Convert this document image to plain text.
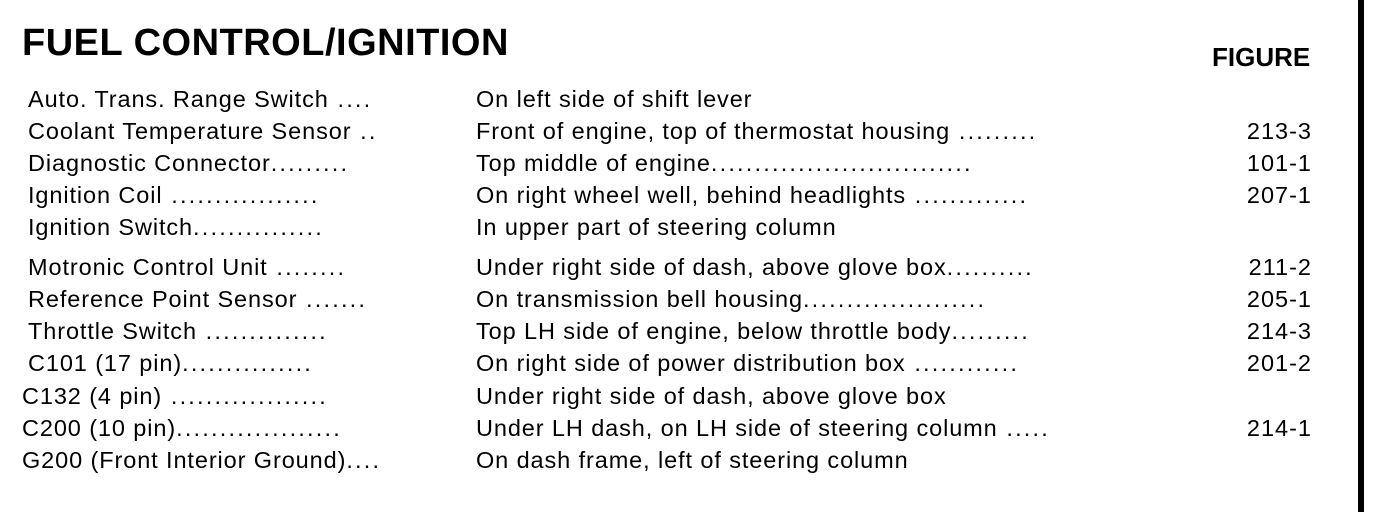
FUEL CONTROL/IGNITION	FIGURE
Auto. Trans. Range Switch ....	On left side of shift lever
Coolant Temperature Sensor ..	Front of engine, top of thermostat housing .........	213-3
Diagnostic Connector.........	Top middle of engine..............................	101-1
Ignition Coil .................	On right wheel well, behind headlights .............	207-1
Ignition Switch...............	In upper part of steering column
Motronic Control Unit ........	Under right side of dash, above glove box..........	211-2
Reference Point Sensor .......	On transmission bell housing.....................	205-1
Throttle Switch ..............	Top LH side of engine, below throttle body.........	214-3
C101 (17 pin)...............	On right side of power distribution box ............	201-2
C132 (4 pin) ..................	Under right side of dash, above glove box
C200 (10 pin)...................	Under LH dash, on LH side of steering column .....	214-1
G200 (Front Interior Ground)....	On dash frame, left of steering column
